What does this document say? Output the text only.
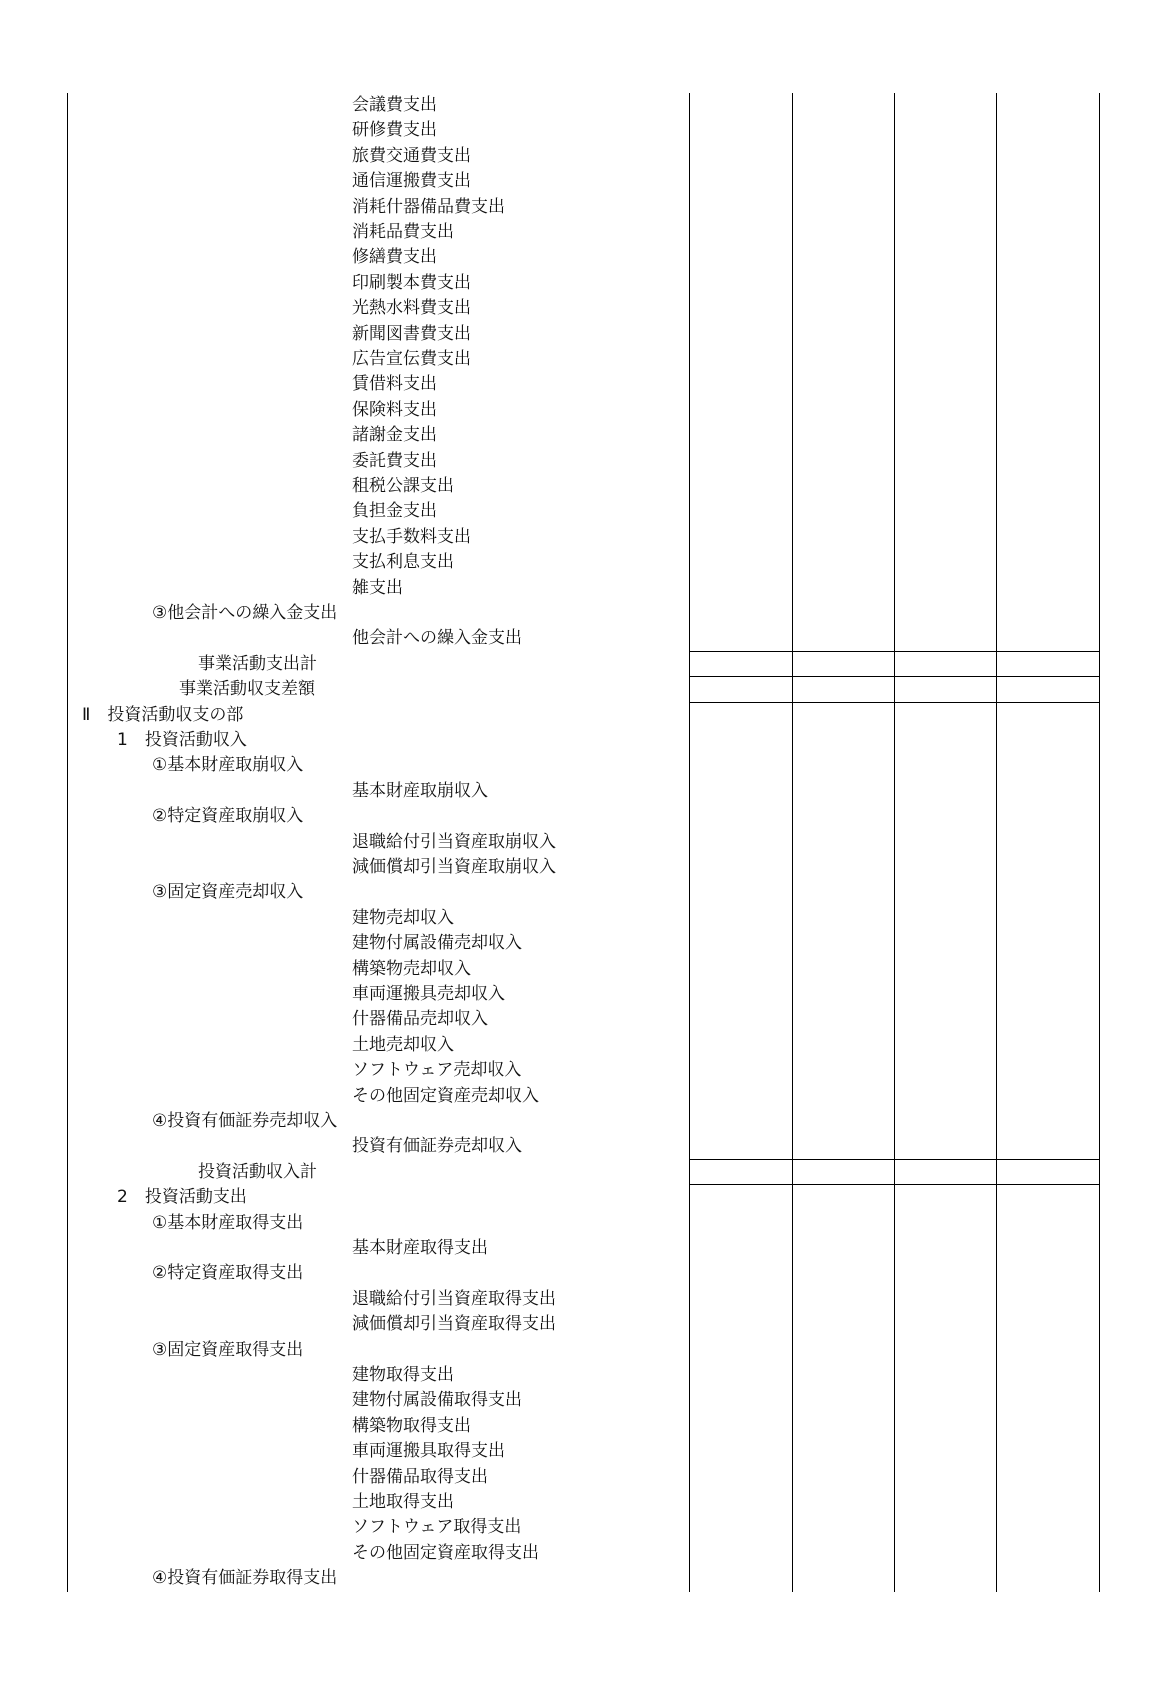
会議費支出
研修費支出
旅費交通費支出
通信運搬費支出
消耗什器備品費支出
消耗品費支出
修繕費支出
印刷製本費支出
光熱水料費支出
新聞図書費支出
広告宣伝費支出
賃借料支出
保険料支出
諸謝金支出
委託費支出
租税公課支出
負担金支出
支払手数料支出
支払利息支出
雑支出
③他会計への繰入金支出
他会計への繰入金支出
事業活動支出計
事業活動収支差額
Ⅱ　投資活動収支の部
1　投資活動収入
①基本財産取崩収入
基本財産取崩収入
②特定資産取崩収入
退職給付引当資産取崩収入
減価償却引当資産取崩収入
③固定資産売却収入
建物売却収入
建物付属設備売却収入
構築物売却収入
車両運搬具売却収入
什器備品売却収入
土地売却収入
ソフトウェア売却収入
その他固定資産売却収入
④投資有価証券売却収入
投資有価証券売却収入
投資活動収入計
2　投資活動支出
①基本財産取得支出
基本財産取得支出
②特定資産取得支出
退職給付引当資産取得支出
減価償却引当資産取得支出
③固定資産取得支出
建物取得支出
建物付属設備取得支出
構築物取得支出
車両運搬具取得支出
什器備品取得支出
土地取得支出
ソフトウェア取得支出
その他固定資産取得支出
④投資有価証券取得支出
